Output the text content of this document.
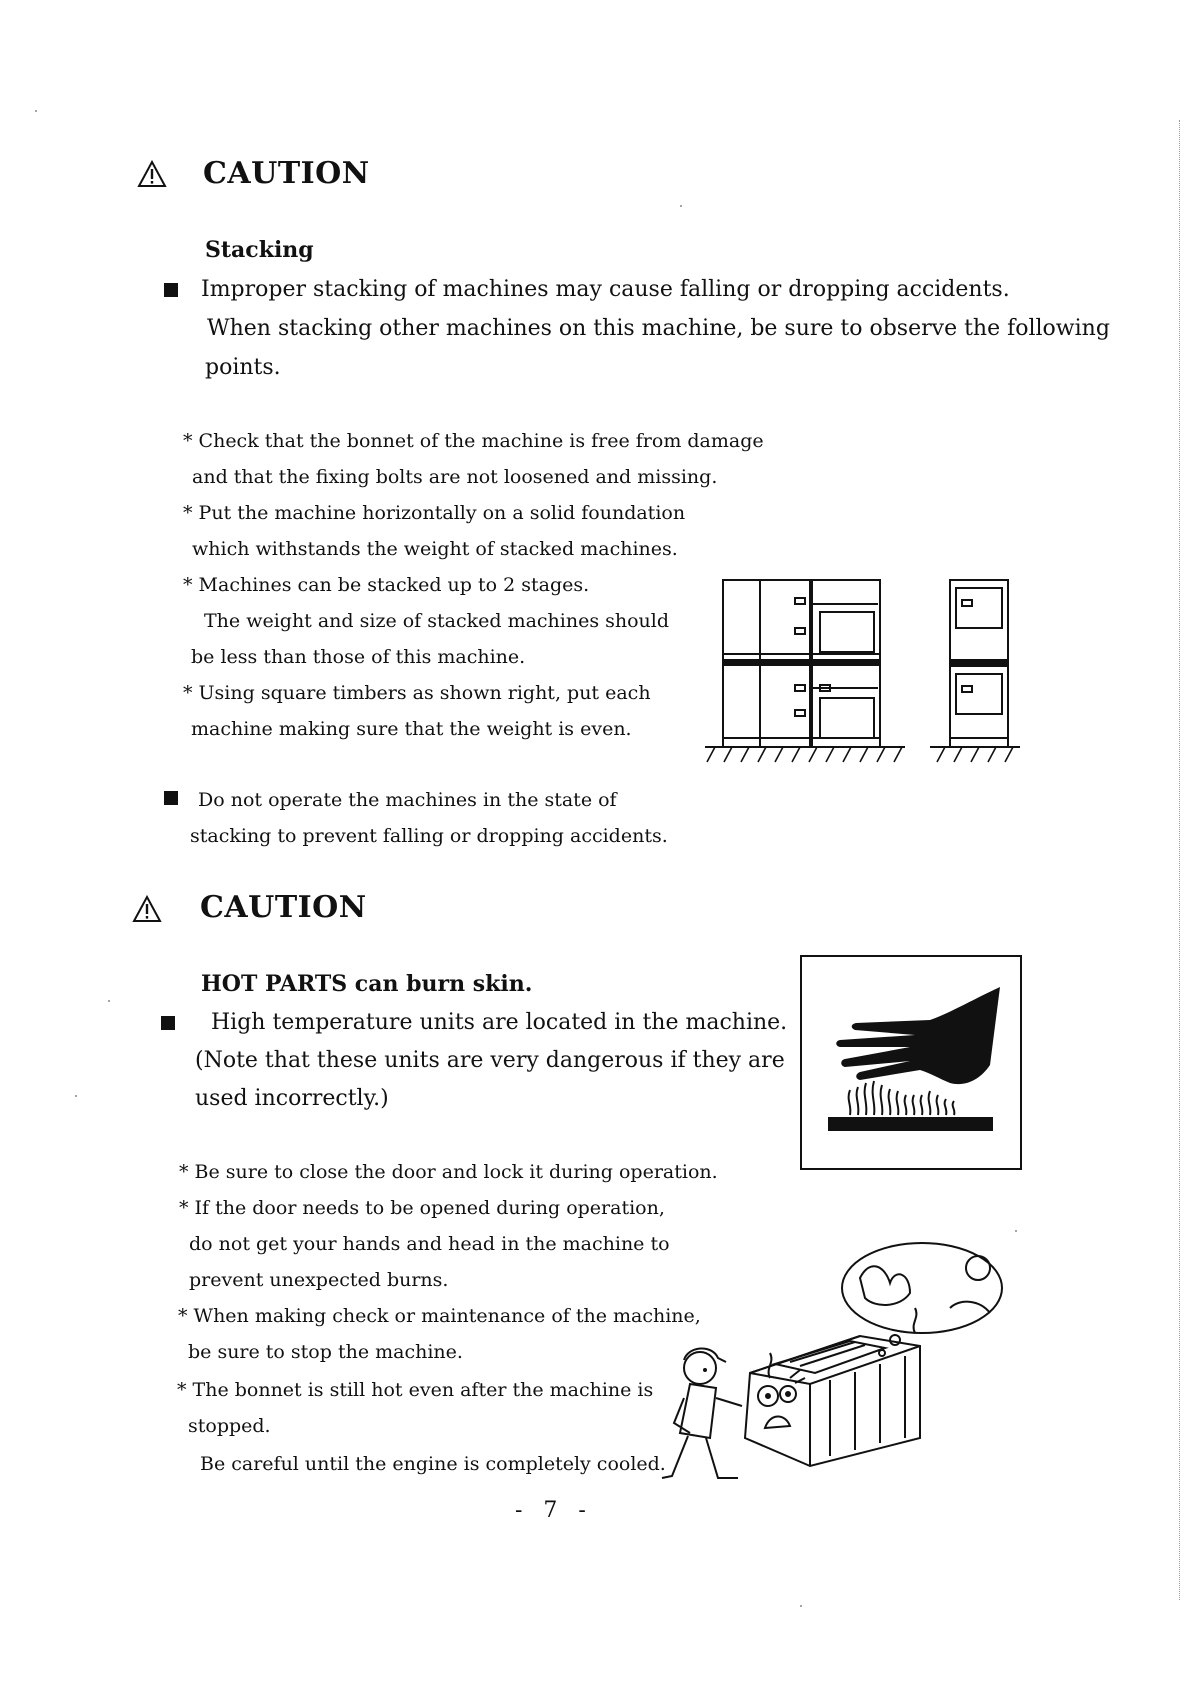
CAUTION
Stacking
Improper stacking of machines may cause falling or dropping accidents.
When stacking other machines on this machine, be sure to observe the following
points.
* Check that the bonnet of the machine is free from damage
and that the fixing bolts are not loosened and missing.
* Put the machine horizontally on a solid foundation
which withstands the weight of stacked machines.
* Machines can be stacked up to 2 stages.
The weight and size of stacked machines should
be less than those of this machine.
* Using square timbers as shown right, put each
machine making sure that the weight is even.
Do not operate the machines in the state of
stacking to prevent falling or dropping accidents.
CAUTION
HOT PARTS can burn skin.
High temperature units are located in the machine.
(Note that these units are very dangerous if they are
used incorrectly.)
* Be sure to close the door and lock it during operation.
* If the door needs to be opened during operation,
do not get your hands and head in the machine to
prevent unexpected burns.
* When making check or maintenance of the machine,
be sure to stop the machine.
* The bonnet is still hot even after the machine is
stopped.
Be careful until the engine is completely cooled.
- 7 -
